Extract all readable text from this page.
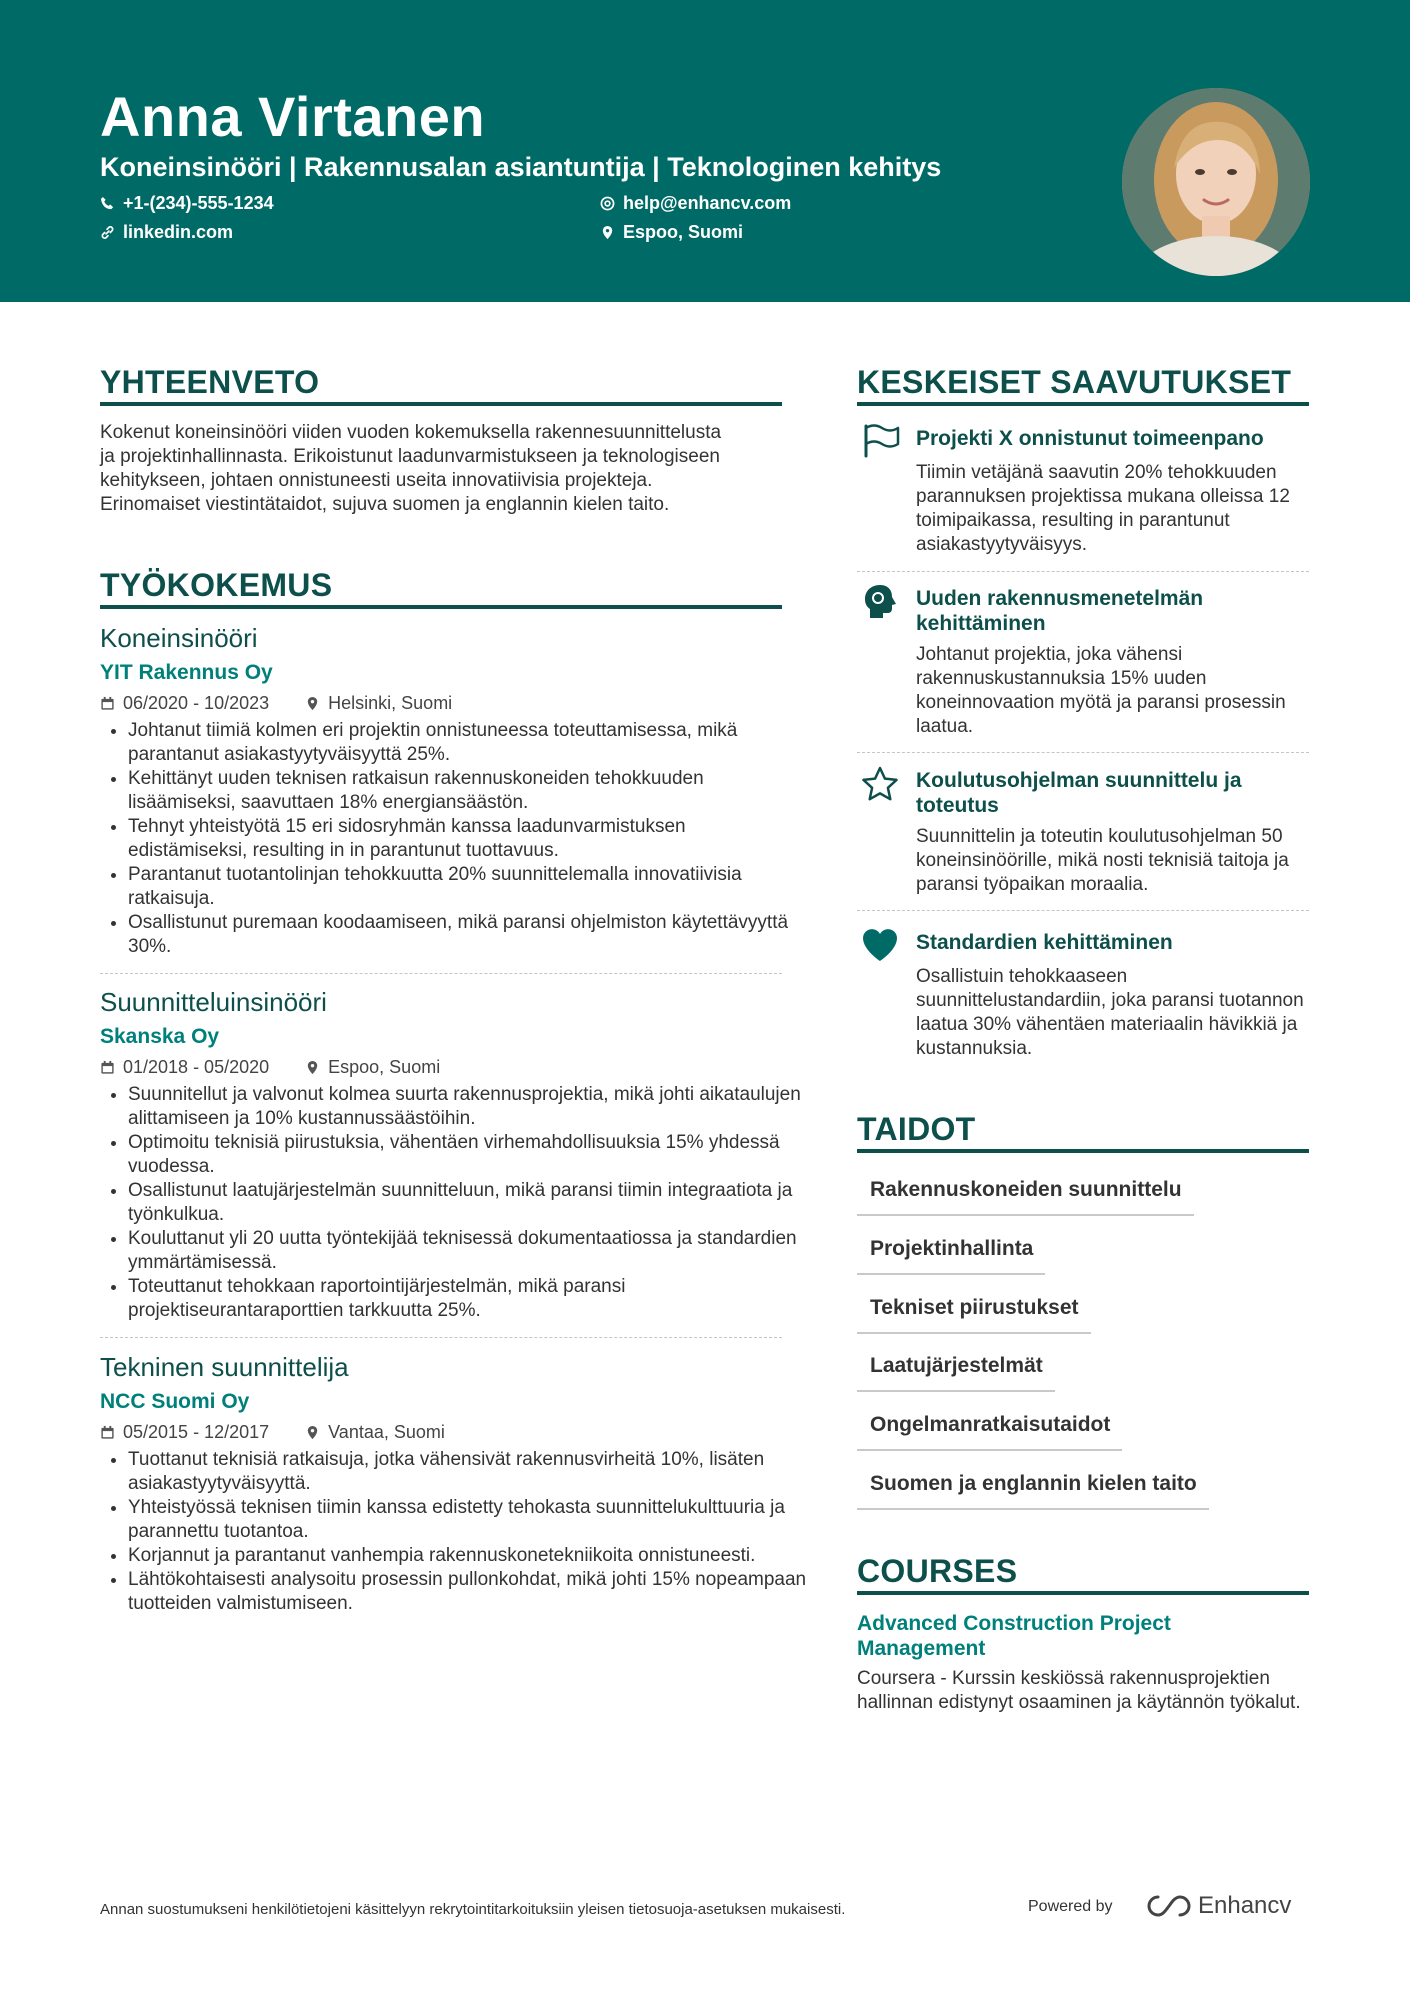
Anna Virtanen
Koneinsinööri | Rakennusalan asiantuntija | Teknologinen kehitys
+1-(234)-555-1234	help@enhancv.com
linkedin.com	Espoo, Suomi
YHTEENVETO
Kokenut koneinsinööri viiden vuoden kokemuksella rakennesuunnittelusta
ja projektinhallinnasta. Erikoistunut laadunvarmistukseen ja teknologiseen
kehitykseen, johtaen onnistuneesti useita innovatiivisia projekteja.
Erinomaiset viestintätaidot, sujuva suomen ja englannin kielen taito.
TYÖKOKEMUS
Koneinsinööri
YIT Rakennus Oy
06/2020 - 10/2023	Helsinki, Suomi
• Johtanut tiimiä kolmen eri projektin onnistuneessa toteuttamisessa, mikä parantanut asiakastyytyväisyyttä 25%.
• Kehittänyt uuden teknisen ratkaisun rakennuskoneiden tehokkuuden lisäämiseksi, saavuttaen 18% energiansäästön.
• Tehnyt yhteistyötä 15 eri sidosryhmän kanssa laadunvarmistuksen edistämiseksi, resulting in in parantunut tuottavuus.
• Parantanut tuotantolinjan tehokkuutta 20% suunnittelemalla innovatiivisia ratkaisuja.
• Osallistunut puremaan koodaamiseen, mikä paransi ohjelmiston käytettävyyttä 30%.
Suunnitteluinsinööri
Skanska Oy
01/2018 - 05/2020	Espoo, Suomi
• Suunnitellut ja valvonut kolmea suurta rakennusprojektia, mikä johti aikataulujen alittamiseen ja 10% kustannussäästöihin.
• Optimoitu teknisiä piirustuksia, vähentäen virhemahdollisuuksia 15% yhdessä vuodessa.
• Osallistunut laatujärjestelmän suunnitteluun, mikä paransi tiimin integraatiota ja työnkulkua.
• Kouluttanut yli 20 uutta työntekijää teknisessä dokumentaatiossa ja standardien ymmärtämisessä.
• Toteuttanut tehokkaan raportointijärjestelmän, mikä paransi projektiseurantaraporttien tarkkuutta 25%.
Tekninen suunnittelija
NCC Suomi Oy
05/2015 - 12/2017	Vantaa, Suomi
• Tuottanut teknisiä ratkaisuja, jotka vähensivät rakennusvirheitä 10%, lisäten asiakastyytyväisyyttä.
• Yhteistyössä teknisen tiimin kanssa edistetty tehokasta suunnittelukulttuuria ja parannettu tuotantoa.
• Korjannut ja parantanut vanhempia rakennuskonetekniikoita onnistuneesti.
• Lähtökohtaisesti analysoitu prosessin pullonkohdat, mikä johti 15% nopeampaan tuotteiden valmistumiseen.
KESKEISET SAAVUTUKSET
Projekti X onnistunut toimeenpano
Tiimin vetäjänä saavutin 20% tehokkuuden parannuksen projektissa mukana olleissa 12 toimipaikassa, resulting in parantunut asiakastyytyväisyys.
Uuden rakennusmenetelmän kehittäminen
Johtanut projektia, joka vähensi rakennuskustannuksia 15% uuden koneinnovaation myötä ja paransi prosessin laatua.
Koulutusohjelman suunnittelu ja toteutus
Suunnittelin ja toteutin koulutusohjelman 50 koneinsinöörille, mikä nosti teknisiä taitoja ja paransi työpaikan moraalia.
Standardien kehittäminen
Osallistuin tehokkaaseen suunnittelustandardiin, joka paransi tuotannon laatua 30% vähentäen materiaalin hävikkiä ja kustannuksia.
TAIDOT
Rakennuskoneiden suunnittelu
Projektinhallinta
Tekniset piirustukset
Laatujärjestelmät
Ongelmanratkaisutaidot
Suomen ja englannin kielen taito
COURSES
Advanced Construction Project Management
Coursera - Kurssin keskiössä rakennusprojektien hallinnan edistynyt osaaminen ja käytännön työkalut.
Annan suostumukseni henkilötietojeni käsittelyyn rekrytointitarkoituksiin yleisen tietosuoja-asetuksen mukaisesti.	Powered by	Enhancv
